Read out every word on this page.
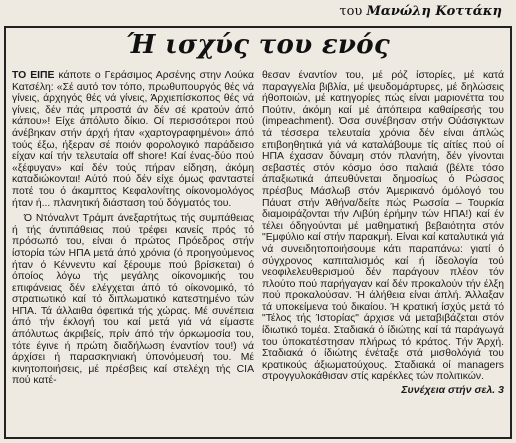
του Μανώλη Κοττάκη
Ή ισχύς του ενός

ΤΟ ΕΙΠΕ κάποτε ο Γεράσιμος Αρσένης στην Λούκα Κατσέλη: «Σέ αυτό τον τόπο, πρωθυπουργός θές νά γίνεις, άρχηγός θές νά γίνεις, Άρχιεπίσκοπος θές νά γίνεις, δέν πάς μπροστά άν δέν σέ κρατούν άπό κάπου»! Είχε άπόλυτο δίκιο. Οί περισσότεροι πού άνέβηκαν στήν άρχή ήταν «χαρτογραφημένοι» άπό τούς έξω, ήξεραν σέ ποιόν φορολογικό παράδεισο είχαν καί τήν τελευταία off shore! Καί ένας-δύο πού «ξέφυγαν» καί δέν τούς πήραν είδηση, άκόμη καταδιώκονται! Αύτό πού δέν είχε όμως φανταστεί ποτέ του ό άκαμπτος Κεφαλονίτης οίκονομολόγος ήταν ή... πλανητική διάσταση τού δόγματός του.

Ό Ντόναλντ Τράμπ άνεξαρτήτως τής συμπάθειας ή τής άντιπάθειας πού τρέφει κανείς πρός τό πρόσωπό του, είναι ό πρώτος Πρόεδρος στήν ίστορία τών ΗΠΑ μετά άπό χρόνια (ό προηγούμενος ήταν ό Κέννεντυ καί ξέρουμε πού βρίσκεται) ό όποίος λόγω τής μεγάλης οίκονομικής του επιφάνειας δέν ελέγχεται άπό τό οίκονομικό, τό στρατιωτικό καί τό διπλωματικό κατεστημένο τών ΗΠΑ. Τά άλλαιθα όφειτικά τής χώρας. Μέ συνέπεια άπό τήν έκλογή του καί μετά γιά νά είμαστε άπόλυτως άκριβείς, πρίν άπό τήν όρκωμοσία του, τότε έγινε ή πρώτη διαδήλωση έναντίον του!) νά άρχίσει ή παρασκηνιακή ύπονόμευσή του. Μέ κινητοποιήσεις, μέ πρέσβεις καί στελέχη τής CIA πού κατέ-

θεσαν έναντίον του, μέ ρόζ ίστορίες, μέ κατά παραγγελία βιβλία, μέ ψευδομάρτυρες, μέ δηλώσεις ήθοποιών, μέ κατηγορίες πώς είναι μαριονέττα του Πούτιν, άκόμη καί μέ άπόπειρα καθαίρεσής του (impeachment). Όσα συνέβησαν στήν Ούάσιγκτων τά τέσσερα τελευταία χρόνια δέν είναι άπλώς επιβοηθητικά γιά νά καταλάβουμε τίς αίτίες πού οί ΗΠΑ έχασαν δύναμη στόν πλανήτη, δέν γίνονται σεβαστές στόν κόσμο όσο παλαιά (βέλτε τόσο άπαξιωτικά άπευθύνεται δημοσίως ό Ρώσσος πρέσβυς Μάσλωβ στόν Άμερικανό όμόλογό του Πάυατ στήν Άθήνα/δείτε πώς Ρωσσία – Τουρκία διαμοιράζονται τήν Λιβύη έρήμην τών ΗΠΑ!) καί έν τέλει όδηγούνται μέ μαθηματική βεβαιότητα στόν "Εμφύλιο καί στήν παρακμή. Είναι καί καταλυτικά γιά νά συνειδητοποιήσουμε κάτι παραπάνω: γιατί ό σύγχρονος καπιταλισμός καί ή ίδεολογία τού νεοφιλελευθερισμού δέν παράγουν πλέον τόν πλούτο πού παρήγαγαν καί δέν προκαλούν τήν έλξη πού προκαλούσαν. Ή άλήθεια είναι άπλή. Άλλαξαν τά υποκείμενα τού δικαίου. Ή κρατική ίσχύς μετά τό "Τέλος τής Ίστορίας" άρχισε νά μεταβιβάζεται στόν ίδιωτικό τομέα. Σταδιακά ό ίδιώτης καί τά παράγωγά του ύποκατέστησαν πλήρως τό κράτος. Τήν Άρχή. Σταδιακά ό ίδιώτης ένέταξε στά μισθολόγιά του κρατικούς άξιωματούχους. Σταδιακά οί managers στρογγυλοκάθισαν στίς καρέκλες τών πολιτικών.

Συνέχεια στήν σελ. 3
